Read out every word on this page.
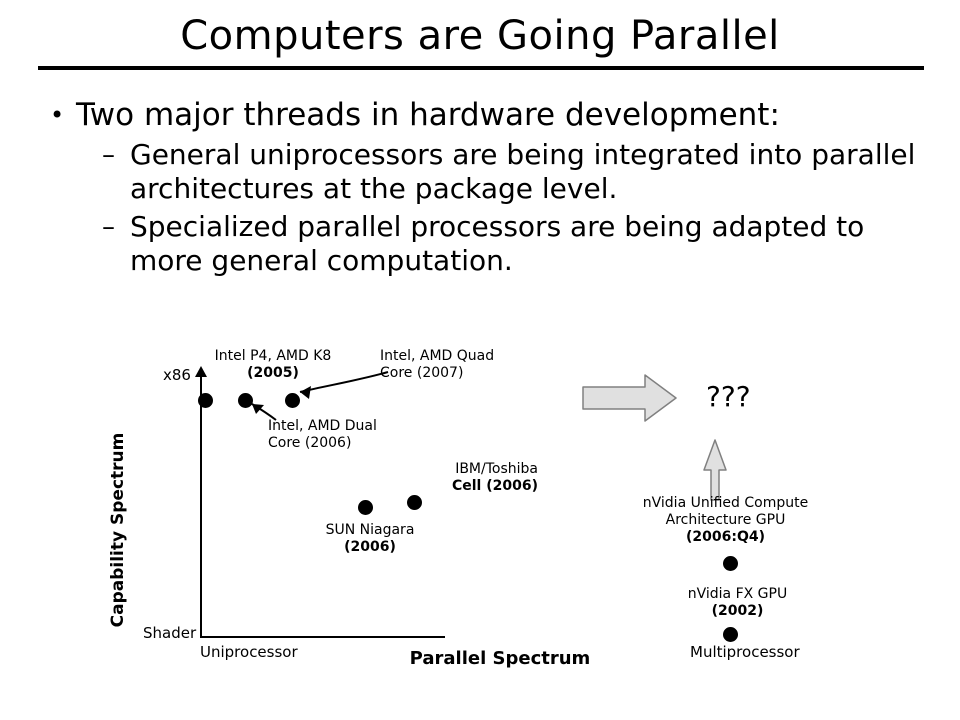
Computers are Going Parallel
• Two major threads in hardware development:
– General uniprocessors are being integrated into parallel architectures at the package level.
– Specialized parallel processors are being adapted to more general computation.
Capability Spectrum
Parallel Spectrum
x86
Shader
Uniprocessor	Multiprocessor
???
Intel P4, AMD K8
(2005)
Intel, AMD Quad
Core (2007)
Intel, AMD Dual
Core (2006)
IBM/Toshiba
Cell (2006)
SUN Niagara
(2006)
nVidia Unified Compute
Architecture GPU
(2006:Q4)
nVidia FX GPU
(2002)
